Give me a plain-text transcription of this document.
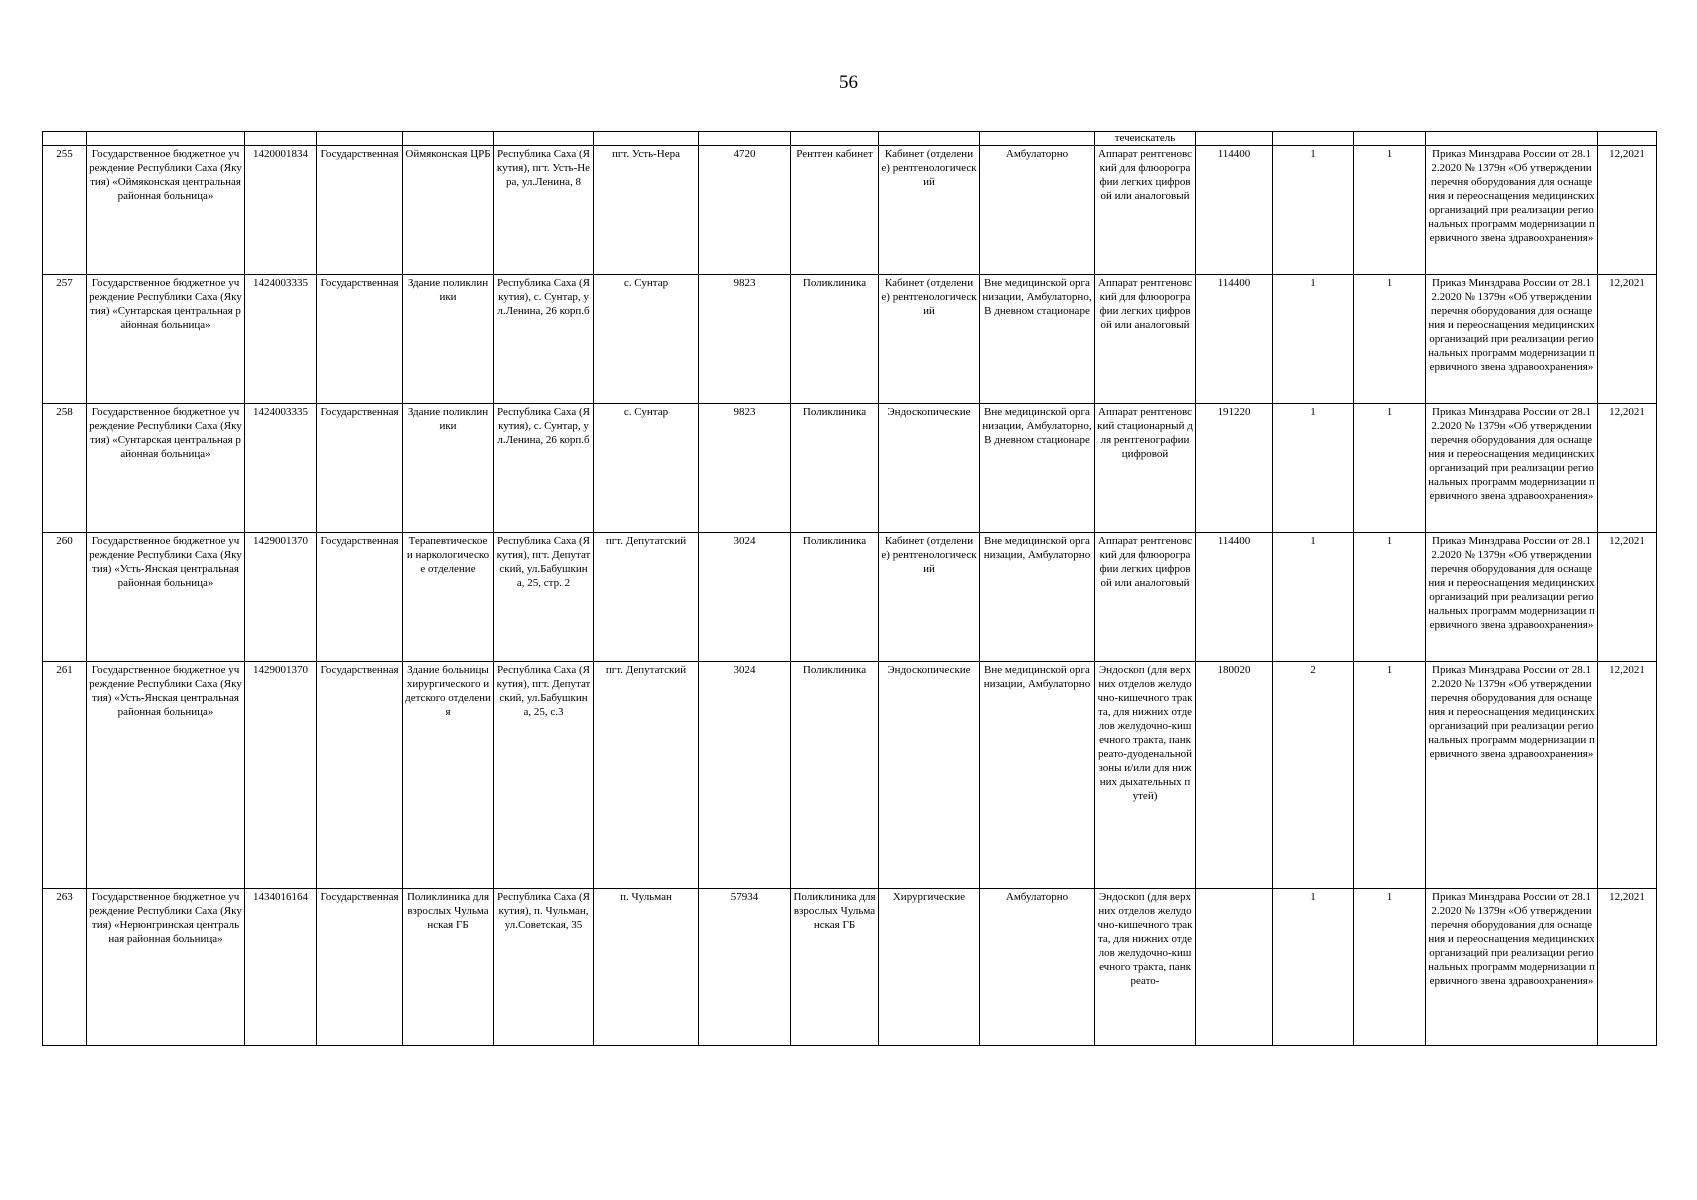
56
											течеискатель					
255	Государственное бюджетное учреждение Республики Саха (Якутия) «Оймяконская центральная районная больница»	1420001834	Государственная	Оймяконская ЦРБ	Республика Саха (Якутия), пгт. Усть-Нера, ул.Ленина, 8	пгт. Усть-Нера	4720	Рентген кабинет	Кабинет (отделение) рентгенологический	Амбулаторно	Аппарат рентгеновский для флюорографии легких цифровой или аналоговый	114400	1	1	Приказ Минздрава России от 28.12.2020 № 1379н «Об утверждении перечня оборудования для оснащения и переоснащения медицинских организаций при реализации региональных программ модернизации первичного звена здравоохранения»	12,2021
257	Государственное бюджетное учреждение Республики Саха (Якутия) «Сунтарская центральная районная больница»	1424003335	Государственная	Здание поликлиники	Республика Саха (Якутия), с. Сунтар, ул.Ленина, 26 корп.б	с. Сунтар	9823	Поликлиника	Кабинет (отделение) рентгенологический	Вне медицинской организации, Амбулаторно, В дневном стационаре	Аппарат рентгеновский для флюорографии легких цифровой или аналоговый	114400	1	1	Приказ Минздрава России от 28.12.2020 № 1379н «Об утверждении перечня оборудования для оснащения и переоснащения медицинских организаций при реализации региональных программ модернизации первичного звена здравоохранения»	12,2021
258	Государственное бюджетное учреждение Республики Саха (Якутия) «Сунтарская центральная районная больница»	1424003335	Государственная	Здание поликлиники	Республика Саха (Якутия), с. Сунтар, ул.Ленина, 26 корп.б	с. Сунтар	9823	Поликлиника	Эндоскопические	Вне медицинской организации, Амбулаторно, В дневном стационаре	Аппарат рентгеновский стационарный для рентгенографии цифровой	191220	1	1	Приказ Минздрава России от 28.12.2020 № 1379н «Об утверждении перечня оборудования для оснащения и переоснащения медицинских организаций при реализации региональных программ модернизации первичного звена здравоохранения»	12,2021
260	Государственное бюджетное учреждение Республики Саха (Якутия) «Усть-Янская центральная районная больница»	1429001370	Государственная	Терапевтическое и наркологическое отделение	Республика Саха (Якутия), пгт. Депутатский, ул.Бабушкина, 25, стр. 2	пгт. Депутатский	3024	Поликлиника	Кабинет (отделение) рентгенологический	Вне медицинской организации, Амбулаторно	Аппарат рентгеновский для флюорографии легких цифровой или аналоговый	114400	1	1	Приказ Минздрава России от 28.12.2020 № 1379н «Об утверждении перечня оборудования для оснащения и переоснащения медицинских организаций при реализации региональных программ модернизации первичного звена здравоохранения»	12,2021
261	Государственное бюджетное учреждение Республики Саха (Якутия) «Усть-Янская центральная районная больница»	1429001370	Государственная	Здание больницы хирургического и детского отделения	Республика Саха (Якутия), пгт. Депутатский, ул.Бабушкина, 25, с.3	пгт. Депутатский	3024	Поликлиника	Эндоскопические	Вне медицинской организации, Амбулаторно	Эндоскоп (для верхних отделов желудочно-кишечного тракта, для нижних отделов желудочно-кишечного тракта, панкреато-дуоденальной зоны и/или для нижних дыхательных путей)	180020	2	1	Приказ Минздрава России от 28.12.2020 № 1379н «Об утверждении перечня оборудования для оснащения и переоснащения медицинских организаций при реализации региональных программ модернизации первичного звена здравоохранения»	12,2021
263	Государственное бюджетное учреждение Республики Саха (Якутия) «Нерюнгринская центральная районная больница»	1434016164	Государственная	Поликлиника для взрослых Чульманская ГБ	Республика Саха (Якутия), п. Чульман, ул.Советская, 35	п. Чульман	57934	Поликлиника для взрослых Чульманская ГБ	Хирургические	Амбулаторно	Эндоскоп (для верхних отделов желудочно-кишечного тракта, для нижних отделов желудочно-кишечного тракта, панкреато-		1	1	Приказ Минздрава России от 28.12.2020 № 1379н «Об утверждении перечня оборудования для оснащения и переоснащения медицинских организаций при реализации региональных программ модернизации первичного звена здравоохранения»	12,2021
